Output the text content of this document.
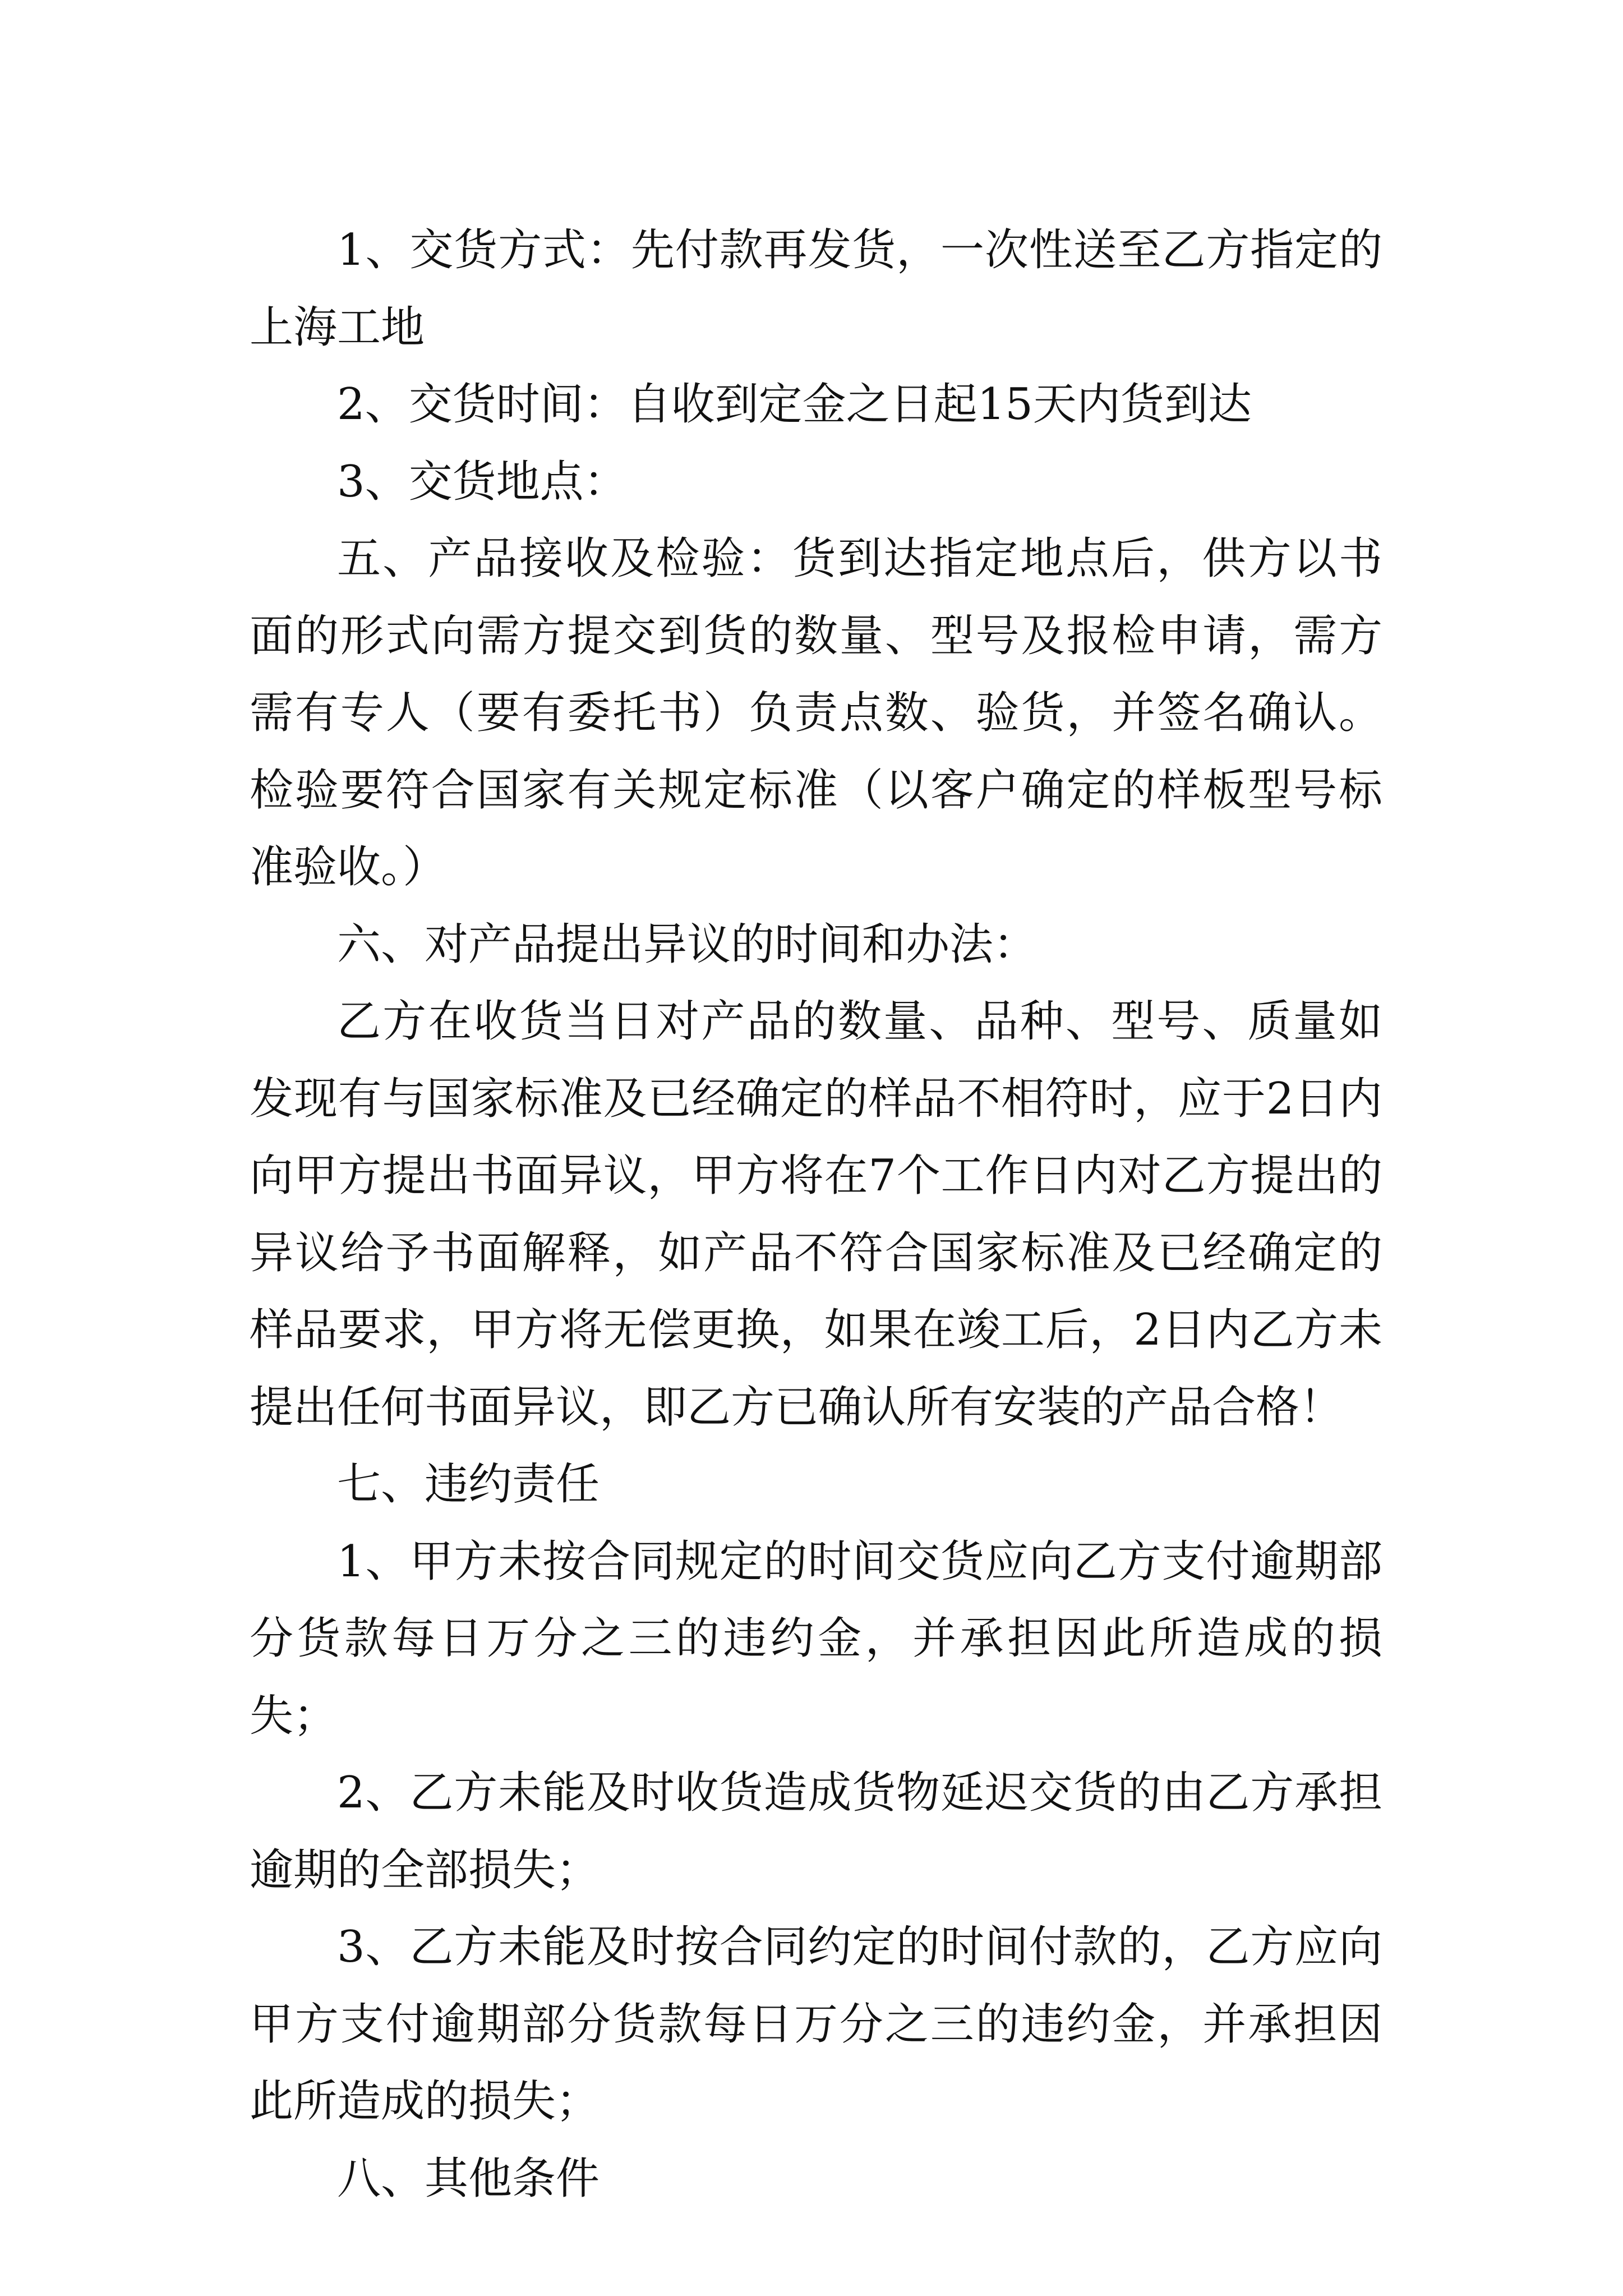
1、交货方式：先付款再发货，一次性送至乙方指定的上海工地

2、交货时间：自收到定金之日起15天内货到达

3、交货地点：

五、产品接收及检验：货到达指定地点后，供方以书面的形式向需方提交到货的数量、型号及报检申请，需方需有专人（要有委托书）负责点数、验货，并签名确认。检验要符合国家有关规定标准（以客户确定的样板型号标准验收。）

六、对产品提出异议的时间和办法：

乙方在收货当日对产品的数量、品种、型号、质量如发现有与国家标准及已经确定的样品不相符时，应于2日内向甲方提出书面异议，甲方将在7个工作日内对乙方提出的异议给予书面解释，如产品不符合国家标准及已经确定的样品要求，甲方将无偿更换，如果在竣工后，2日内乙方未提出任何书面异议，即乙方已确认所有安装的产品合格！

七、违约责任

1、甲方未按合同规定的时间交货应向乙方支付逾期部分货款每日万分之三的违约金，并承担因此所造成的损失；

2、乙方未能及时收货造成货物延迟交货的由乙方承担逾期的全部损失；

3、乙方未能及时按合同约定的时间付款的，乙方应向甲方支付逾期部分货款每日万分之三的违约金，并承担因此所造成的损失；

八、其他条件
